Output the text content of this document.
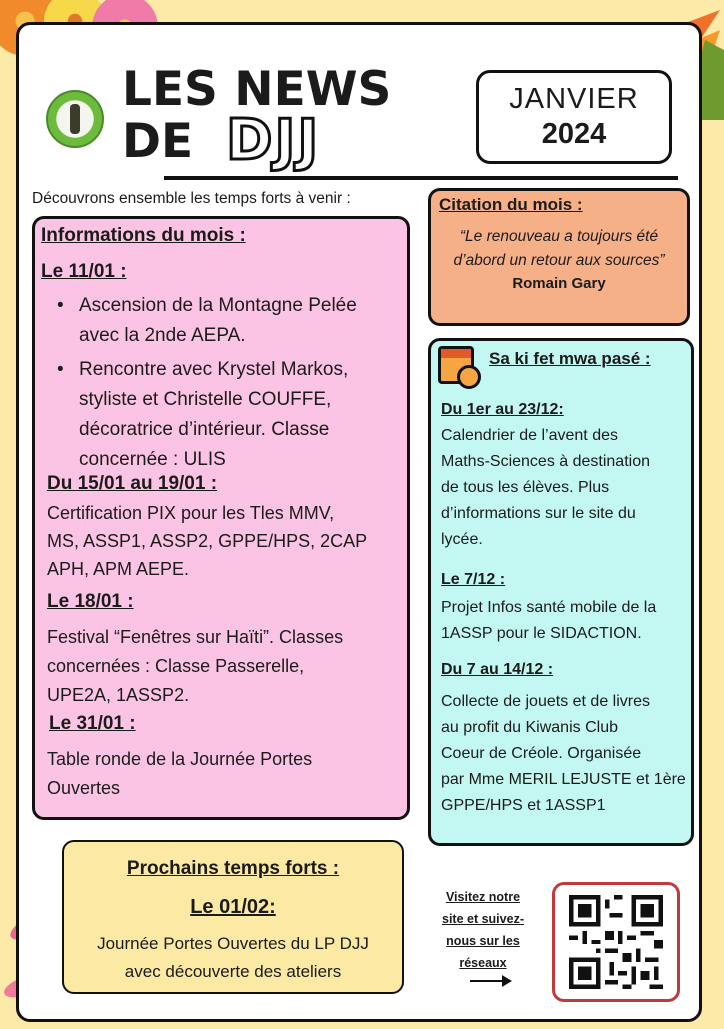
LES NEWS
DE DJJ
JANVIER
2024
Découvrons ensemble les temps forts à venir :
Informations du mois :
Le 11/01 :
• Ascension de la Montagne Pelée
avec la 2nde AEPA.
• Rencontre avec Krystel Markos,
styliste et Christelle COUFFE,
décoratrice d’intérieur. Classe
concernée : ULIS
Du 15/01 au 19/01 :
Certification PIX pour les Tles MMV,
MS, ASSP1, ASSP2, GPPE/HPS, 2CAP
APH, APM AEPE.
Le 18/01 :
Festival “Fenêtres sur Haïti”. Classes
concernées : Classe Passerelle,
UPE2A, 1ASSP2.
Le 31/01 :
Table ronde de la Journée Portes
Ouvertes
Citation du mois :
“Le renouveau a toujours été
d’abord un retour aux sources”
Romain Gary
Sa ki fet mwa pasé :
Du 1er au 23/12:
Calendrier de l’avent des
Maths-Sciences à destination
de tous les élèves. Plus
d’informations sur le site du
lycée.
Le 7/12 :
Projet Infos santé mobile de la
1ASSP pour le SIDACTION.
Du 7 au 14/12 :
Collecte de jouets et de livres
au profit du Kiwanis Club
Coeur de Créole. Organisée
par Mme MERIL LEJUSTE et 1ère
GPPE/HPS et 1ASSP1
Prochains temps forts :
Le 01/02:
Journée Portes Ouvertes du LP DJJ
avec découverte des ateliers
Visitez notre
site et suivez-
nous sur les
réseaux
